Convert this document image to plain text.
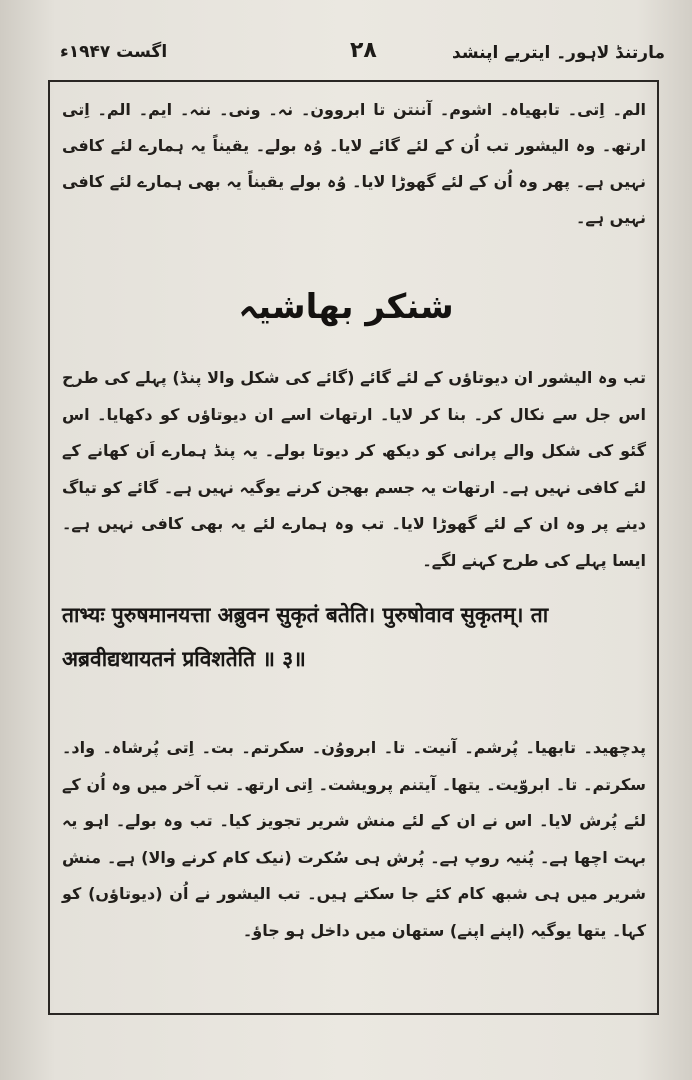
مارتنڈ لاہور۔ ایتریے اپنشد
۲۸
اگست ۱۹۴۷ء
الم۔ اِتی۔ تابھیاہ۔ اشوم۔ آننتن تا ابروون۔ نہ۔ ونی۔ ننہ۔ ایم۔ الم۔ اِتی ارتھ۔ وہ الیشور تب اُن کے لئے گائے لایا۔ وُہ بولے۔ یقیناً یہ ہمارے لئے کافی نہیں ہے۔ پھر وہ اُن کے لئے گھوڑا لایا۔ وُہ بولے یقیناً یہ بھی ہمارے لئے کافی نہیں ہے۔
شنکر بھاشیہ
تب وہ الیشور ان دیوتاؤں کے لئے گائے (گائے کی شکل والا پنڈ) پہلے کی طرح اس جل سے نکال کر۔ بنا کر لایا۔ ارتھات اسے ان دیوتاؤں کو دکھایا۔ اس گئو کی شکل والے پرانی کو دیکھ کر دیوتا بولے۔ یہ پنڈ ہمارے اَن کھانے کے لئے کافی نہیں ہے۔ ارتھات یہ جسم بھجن کرنے یوگیہ نہیں ہے۔ گائے کو تیاگ دینے پر وہ ان کے لئے گھوڑا لایا۔ تب وہ ہمارے لئے یہ بھی کافی نہیں ہے۔ ایسا پہلے کی طرح کہنے لگے۔
ताभ्यः पुरुषमानयत्ता अब्रुवन सुकृतं बतेति। पुरुषोवाव सुकृतम्। ता अब्रवीद्यथायतनं प्रविशतेति ॥ ३॥
پدچھید۔ تابھیا۔ پُرشم۔ آنیت۔ تا۔ ابرووُن۔ سکرتم۔ بت۔ اِتی پُرشاہ۔ واد۔ سکرتم۔ تا۔ ابروّیت۔ یتھا۔ آیتنم پرویشت۔ اِتی ارتھ۔ تب آخر میں وہ اُن کے لئے پُرش لایا۔ اس نے ان کے لئے منش شریر تجویز کیا۔ تب وہ بولے۔ اہو یہ بہت اچھا ہے۔ پُنیہ روپ ہے۔ پُرش ہی سُکرت (نیک کام کرنے والا) ہے۔ منش شریر میں ہی شبھ کام کئے جا سکتے ہیں۔ تب الیشور نے اُن (دیوتاؤں) کو کہا۔ یتھا یوگیہ (اپنے اپنے) ستھان میں داخل ہو جاؤ۔
